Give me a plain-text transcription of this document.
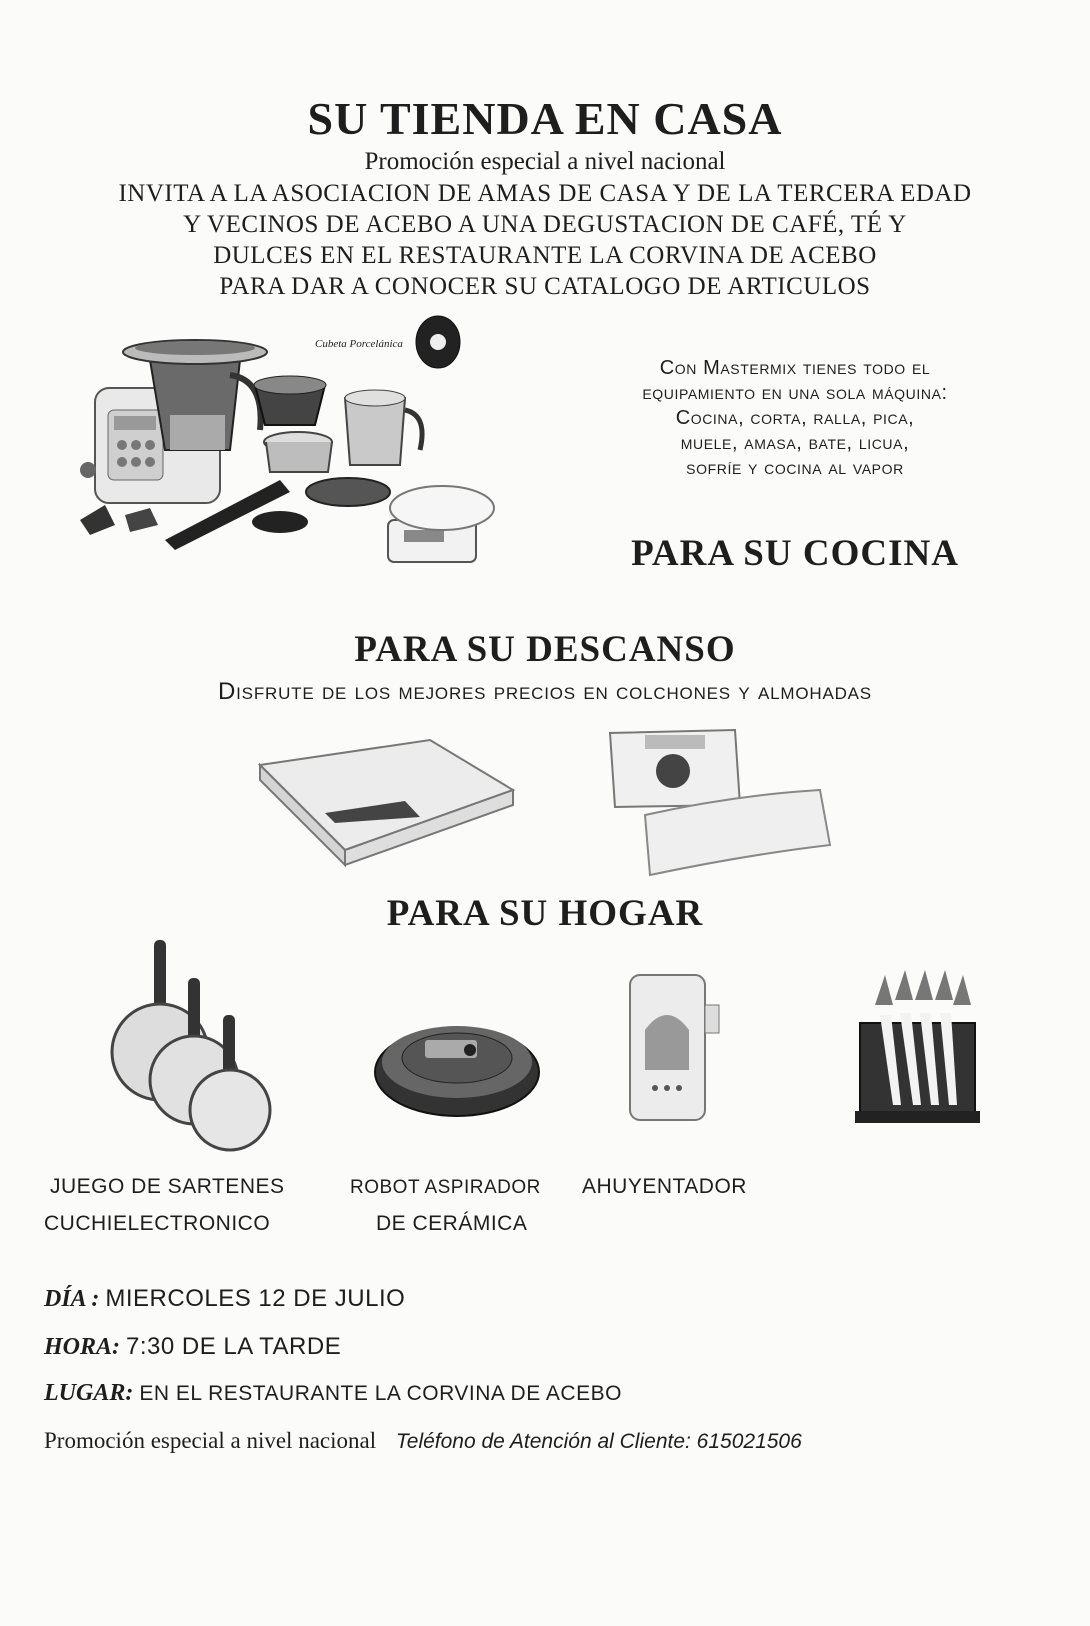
SU TIENDA EN CASA
Promoción especial a nivel nacional
INVITA A LA ASOCIACION DE AMAS DE CASA Y DE LA TERCERA EDAD
Y VECINOS DE ACEBO A UNA DEGUSTACION DE CAFÉ, TÉ Y
DULCES EN EL RESTAURANTE LA CORVINA DE ACEBO
PARA DAR A CONOCER SU CATALOGO DE ARTICULOS
Cubeta Porcelánica
Con Mastermix tienes todo el
equipamiento en una sola máquina:
Cocina, corta, ralla, pica,
muele, amasa, bate, licua,
sofríe y cocina al vapor
PARA SU COCINA
PARA SU DESCANSO
Disfrute de los mejores precios en colchones y almohadas
PARA SU HOGAR
JUEGO DE SARTENES
CUCHIELECTRONICO
ROBOT ASPIRADOR
DE CERÁMICA
AHUYENTADOR
DÍA : MIERCOLES 12 DE JULIO
HORA: 7:30 DE LA TARDE
LUGAR: EN EL RESTAURANTE LA CORVINA DE ACEBO
Promoción especial a nivel nacional Teléfono de Atención al Cliente: 615021506
